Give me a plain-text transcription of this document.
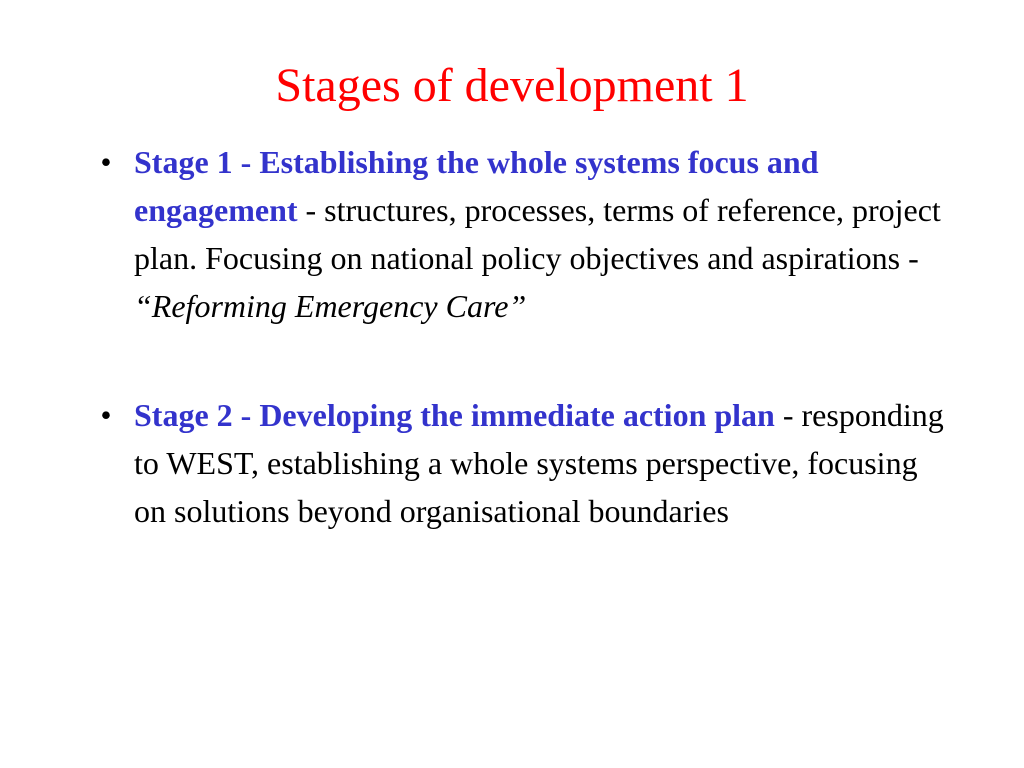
Stages of development 1
• Stage 1 - Establishing the whole systems focus and engagement - structures, processes, terms of reference, project plan. Focusing on national policy objectives and aspirations - “Reforming Emergency Care”
• Stage 2 - Developing the immediate action plan - responding to WEST, establishing a whole systems perspective, focusing on solutions beyond organisational boundaries
